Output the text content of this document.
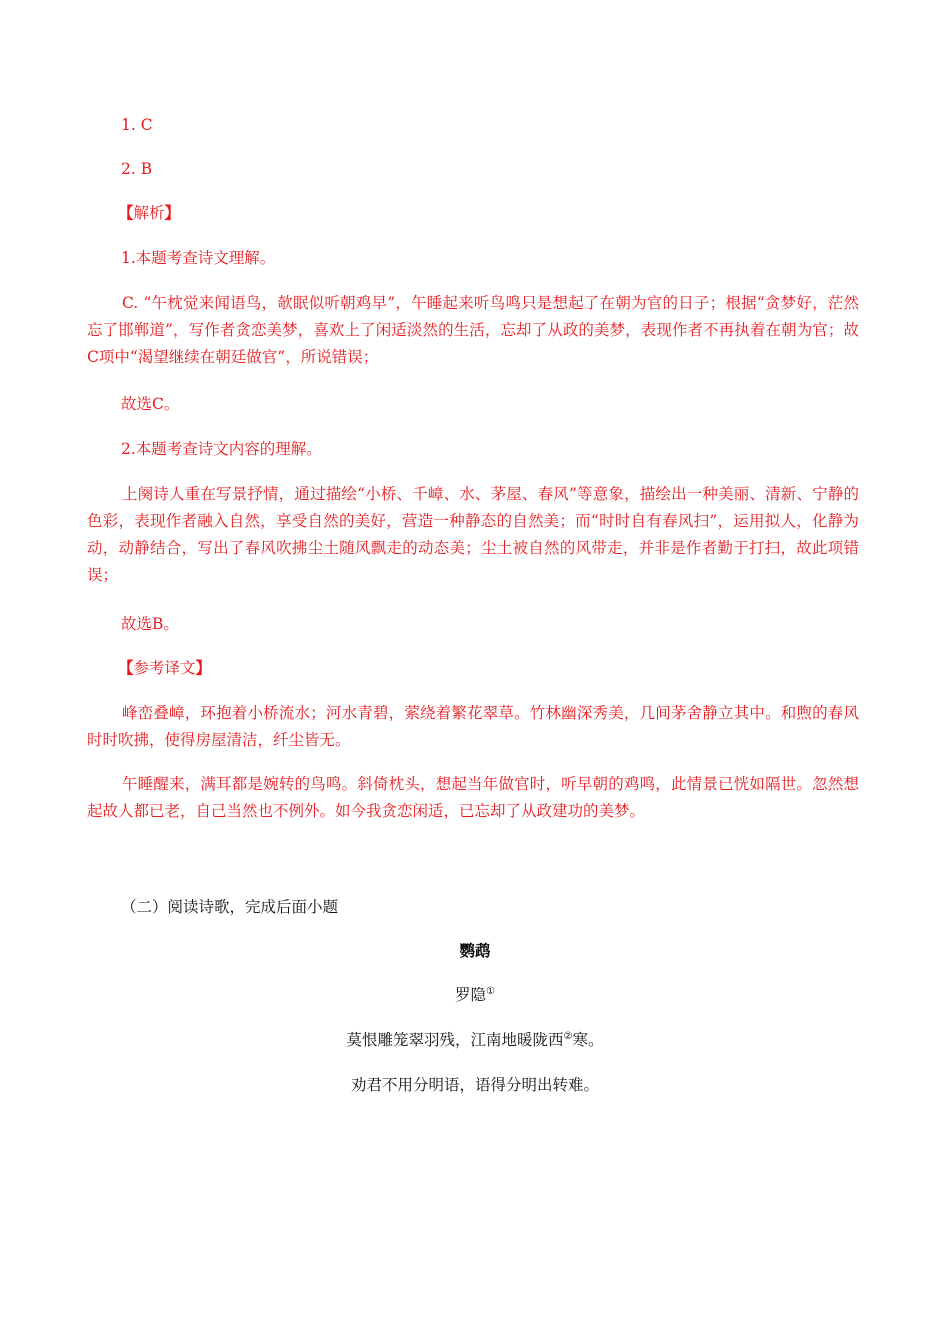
1. C
2. B
【解析】
1.本题考查诗文理解。
C. “午枕觉来闻语鸟，欹眠似听朝鸡早”，午睡起来听鸟鸣只是想起了在朝为官的日子；根据“贪梦好，茫然忘了邯郸道”，写作者贪恋美梦，喜欢上了闲适淡然的生活，忘却了从政的美梦，表现作者不再执着在朝为官；故C项中“渴望继续在朝廷做官”，所说错误；
故选C。
2.本题考查诗文内容的理解。
上阕诗人重在写景抒情，通过描绘“小桥、千嶂、水、茅屋、春风”等意象，描绘出一种美丽、清新、宁静的色彩，表现作者融入自然，享受自然的美好，营造一种静态的自然美；而“时时自有春风扫”，运用拟人，化静为动，动静结合，写出了春风吹拂尘土随风飘走的动态美；尘土被自然的风带走，并非是作者勤于打扫，故此项错误；
故选B。
【参考译文】
峰峦叠嶂，环抱着小桥流水；河水青碧，萦绕着繁花翠草。竹林幽深秀美，几间茅舍静立其中。和煦的春风时时吹拂，使得房屋清洁，纤尘皆无。
午睡醒来，满耳都是婉转的鸟鸣。斜倚枕头，想起当年做官时，听早朝的鸡鸣，此情景已恍如隔世。忽然想起故人都已老，自己当然也不例外。如今我贪恋闲适，已忘却了从政建功的美梦。
（二）阅读诗歌，完成后面小题
鹦鹉
罗隐①
莫恨雕笼翠羽残，江南地暖陇西②寒。
劝君不用分明语，语得分明出转难。
